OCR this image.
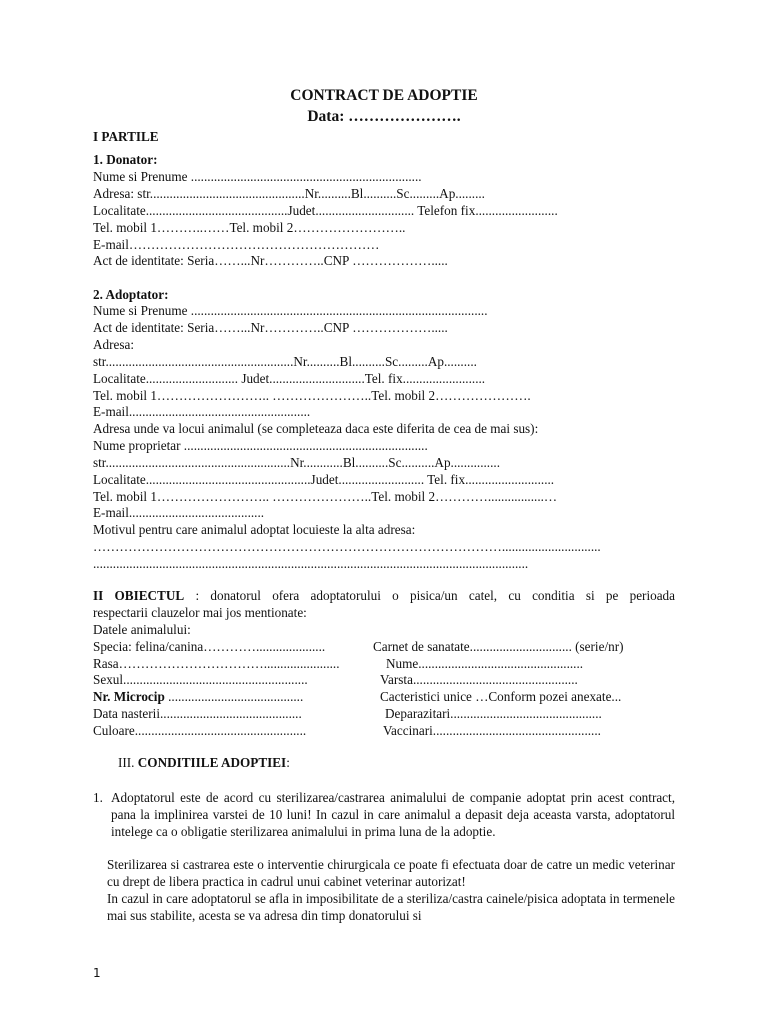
CONTRACT DE ADOPTIE
Data: ………………….
I PARTILE
1. Donator:
Nume si Prenume ......................................................................
Adresa: str...............................................Nr..........Bl..........Sc.........Ap.........
Localitate...........................................Judet.............................. Telefon fix.........................
Tel. mobil 1………..……Tel. mobil 2……………………..
E-mail…………………………………………………
Act de identitate: Seria……...Nr…………..CNP ……………….....
2. Adoptator:
Nume si Prenume ..........................................................................................
Act de identitate: Seria……...Nr…………..CNP ……………….....
Adresa:
str.........................................................Nr..........Bl..........Sc.........Ap..........
Localitate............................ Judet.............................Tel. fix.........................
Tel. mobil 1…………………….. …………………..Tel. mobil 2………………….
E-mail.......................................................
Adresa unde va locui animalul (se completeaza daca este diferita de cea de mai sus):
Nume proprietar ..........................................................................
str........................................................Nr............Bl..........Sc..........Ap...............
Localitate..................................................Judet.......................... Tel. fix...........................
Tel. mobil 1…………………….. …………………..Tel. mobil 2………….................…
E-mail.........................................
Motivul pentru care animalul adoptat locuieste la alta adresa:
…………………………………………………………………………………..............................
....................................................................................................................................
II OBIECTUL : donatorul ofera adoptatorului o pisica/un catel, cu conditia si pe perioada
respectarii clauzelor mai jos mentionate:
Datele animalului:
Specia: felina/canina………….....................	Carnet de sanatate............................... (serie/nr)
Rasa…………………………….......................	Nume..................................................
Sexul........................................................	Varsta..................................................
Nr. Microcip .........................................	Cacteristici unice …Conform pozei anexate...
Data nasterii...........................................	Deparazitari..............................................
Culoare....................................................	Vaccinari...................................................
III. CONDITIILE ADOPTIEI:
1. Adoptatorul este de acord cu sterilizarea/castrarea animalului de companie adoptat prin acest contract, pana la implinirea varstei de 10 luni! In cazul in care animalul a depasit deja aceasta varsta, adoptatorul intelege ca o obligatie sterilizarea animalului in prima luna de la adoptie.
Sterilizarea si castrarea este o interventie chirurgicala ce poate fi efectuata doar de catre un medic veterinar cu drept de libera practica in cadrul unui cabinet veterinar autorizat!
In cazul in care adoptatorul se afla in imposibilitate de a steriliza/castra cainele/pisica adoptata in termenele mai sus stabilite, acesta se va adresa din timp donatorului si
1
